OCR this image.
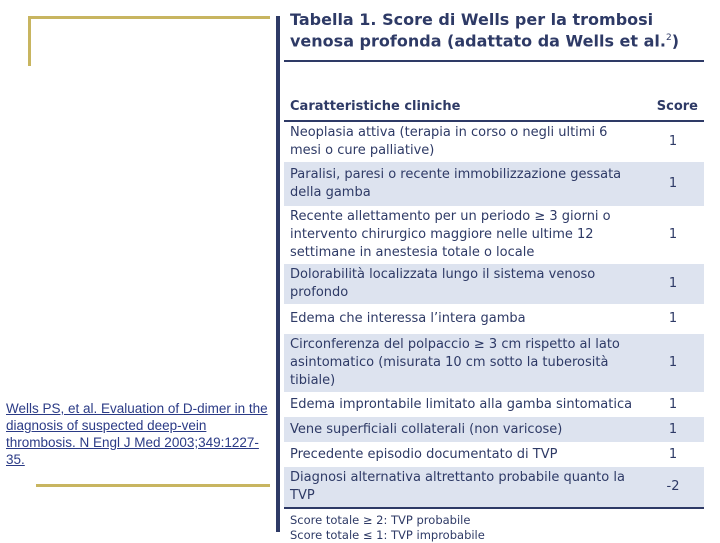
Wells PS, et al. Evaluation of D-dimer in the diagnosis of suspected deep-vein thrombosis. N Engl J Med 2003;349:1227-35.
Tabella 1. Score di Wells per la trombosi venosa profonda (adattato da Wells et al.$^2$)
Caratteristiche cliniche	Score
Neoplasia attiva (terapia in corso o negli ultimi 6 mesi o cure palliative)	1
Paralisi, paresi o recente immobilizzazione gessata della gamba	1
Recente allettamento per un periodo ≥ 3 giorni o intervento chirurgico maggiore nelle ultime 12 settimane in anestesia totale o locale	1
Dolorabilità localizzata lungo il sistema venoso profondo	1
Edema che interessa l’intera gamba	1
Circonferenza del polpaccio ≥ 3 cm rispetto al lato asintomatico (misurata 10 cm sotto la tuberosità tibiale)	1
Edema improntabile limitato alla gamba sintomatica	1
Vene superficiali collaterali (non varicose)	1
Precedente episodio documentato di TVP	1
Diagnosi alternativa altrettanto probabile quanto la TVP	-2
Score totale ≥ 2: TVP probabile
Score totale ≤ 1: TVP improbabile
